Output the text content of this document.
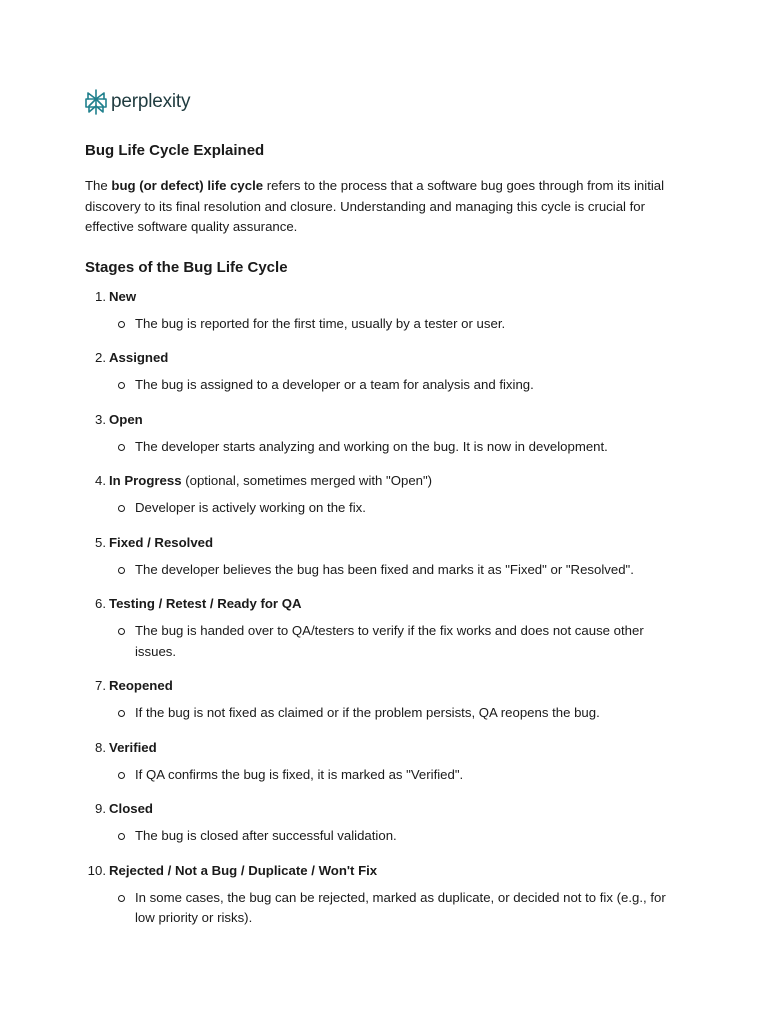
perplexity
Bug Life Cycle Explained

The bug (or defect) life cycle refers to the process that a software bug goes through from its initial discovery to its final resolution and closure. Understanding and managing this cycle is crucial for effective software quality assurance.

Stages of the Bug Life Cycle
1. New
The bug is reported for the first time, usually by a tester or user.
2. Assigned
The bug is assigned to a developer or a team for analysis and fixing.
3. Open
The developer starts analyzing and working on the bug. It is now in development.
4. In Progress (optional, sometimes merged with "Open")
Developer is actively working on the fix.
5. Fixed / Resolved
The developer believes the bug has been fixed and marks it as "Fixed" or "Resolved".
6. Testing / Retest / Ready for QA
The bug is handed over to QA/testers to verify if the fix works and does not cause other issues.
7. Reopened
If the bug is not fixed as claimed or if the problem persists, QA reopens the bug.
8. Verified
If QA confirms the bug is fixed, it is marked as "Verified".
9. Closed
The bug is closed after successful validation.
10. Rejected / Not a Bug / Duplicate / Won't Fix
In some cases, the bug can be rejected, marked as duplicate, or decided not to fix (e.g., for low priority or risks).
